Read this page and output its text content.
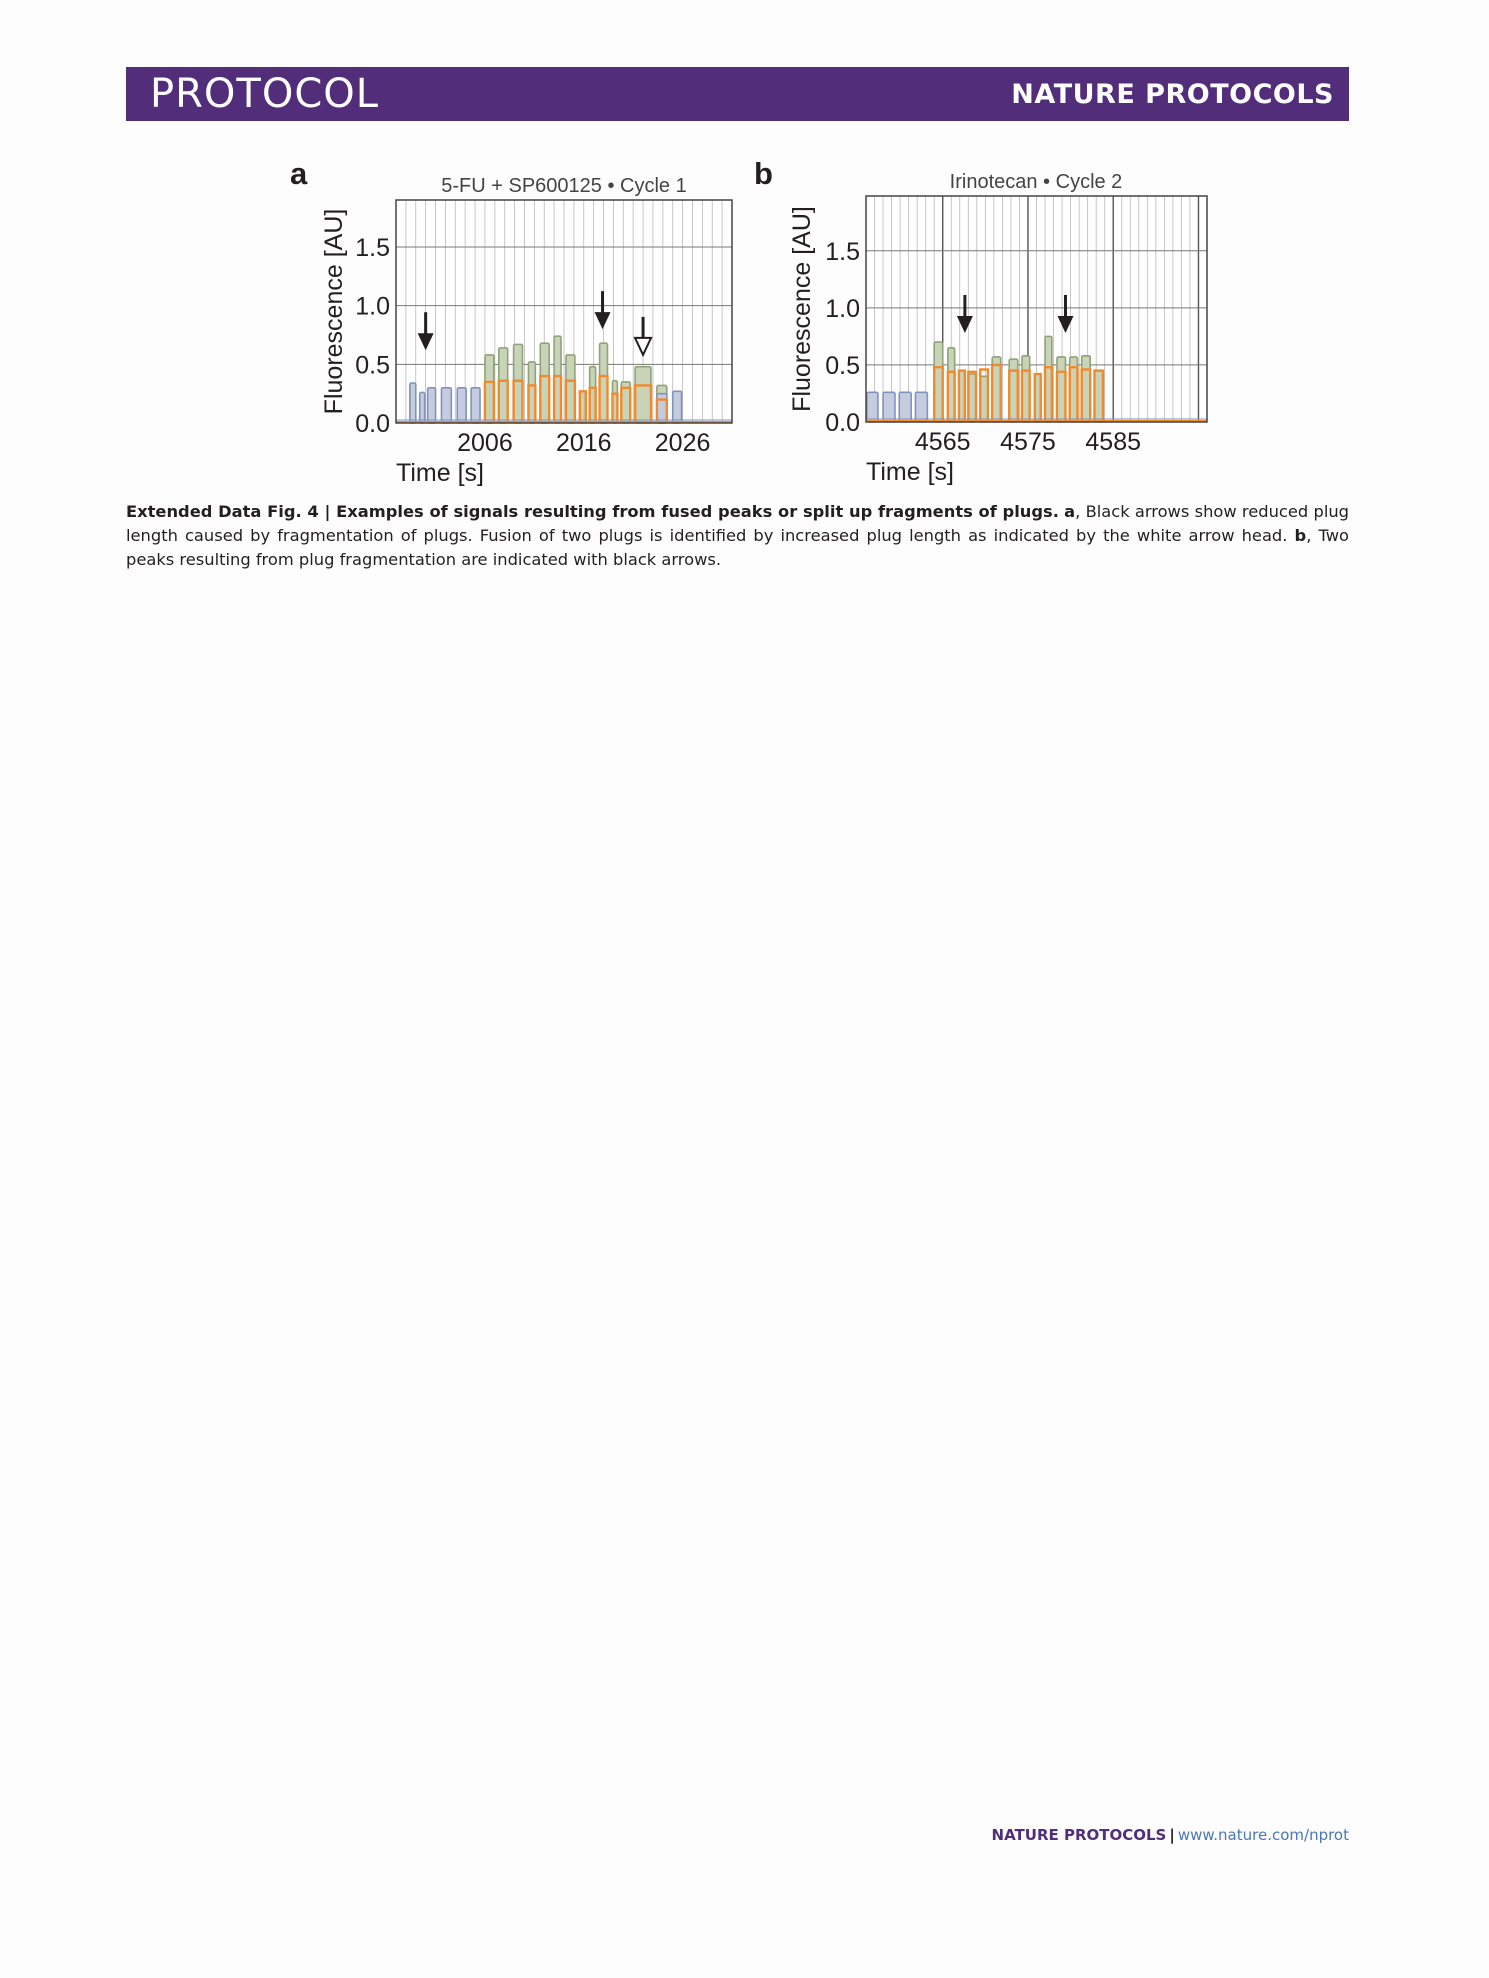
PROTOCOL	NATURE PROTOCOLS
0.0
0.5
1.0
1.5
2006 2016 2026
Time [s]
Fluorescence [AU]
5-FU + SP600125 • Cycle 1
a
0.0
0.5
1.0
1.5
4565 4575 4585
Time [s]
Fluorescence [AU]
Irinotecan • Cycle 2
b
Extended Data Fig. 4 | Examples of signals resulting from fused peaks or split up fragments of plugs. a, Black arrows show reduced plug length caused by fragmentation of plugs. Fusion of two plugs is identified by increased plug length as indicated by the white arrow head. b, Two peaks resulting from plug fragmentation are indicated with black arrows.
NATURE PROTOCOLS | www.nature.com/nprot
